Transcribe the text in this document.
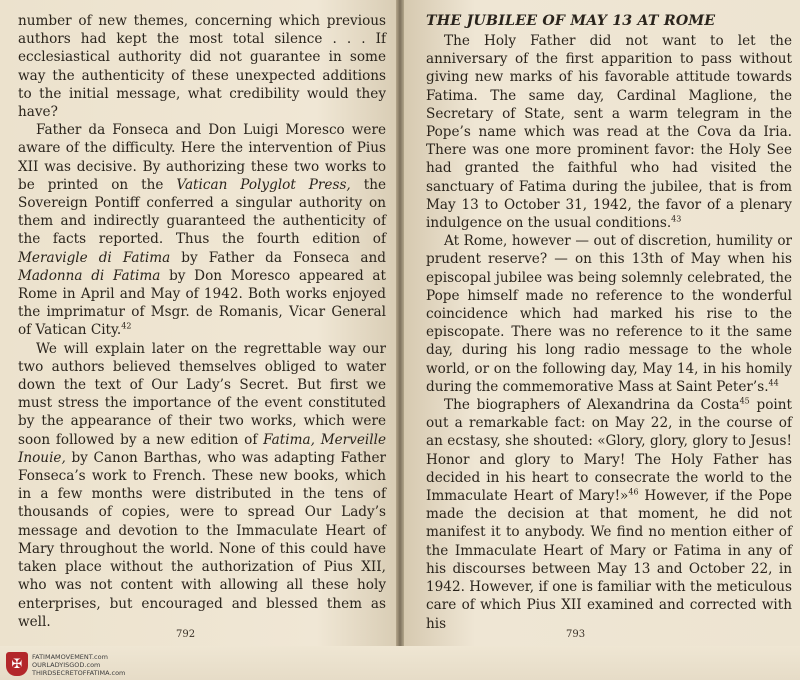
number of new themes, concerning which previous authors had kept the most total silence . . . If ecclesiastical authority did not guarantee in some way the authenticity of these unexpected additions to the initial message, what credibility would they have?

Father da Fonseca and Don Luigi Moresco were aware of the difficulty. Here the intervention of Pius XII was decisive. By authorizing these two works to be printed on the Vatican Polyglot Press, the Sovereign Pontiff conferred a singular authority on them and indirectly guaranteed the authenticity of the facts reported. Thus the fourth edition of Meravigle di Fatima by Father da Fonseca and Madonna di Fatima by Don Moresco appeared at Rome in April and May of 1942. Both works enjoyed the imprimatur of Msgr. de Romanis, Vicar General of Vatican City.$^{42}$

We will explain later on the regrettable way our two authors believed themselves obliged to water down the text of Our Lady’s Secret. But first we must stress the importance of the event constituted by the appearance of their two works, which were soon followed by a new edition of Fatima, Merveille Inouie, by Canon Barthas, who was adapting Father Fonseca’s work to French. These new books, which in a few months were distributed in the tens of thousands of copies, were to spread Our Lady’s message and devotion to the Immaculate Heart of Mary throughout the world. None of this could have taken place without the authorization of Pius XII, who was not content with allowing all these holy enterprises, but encouraged and blessed them as well.

792
THE JUBILEE OF MAY 13 AT ROME

The Holy Father did not want to let the anniversary of the first apparition to pass without giving new marks of his favorable attitude towards Fatima. The same day, Cardinal Maglione, the Secretary of State, sent a warm telegram in the Pope’s name which was read at the Cova da Iria. There was one more prominent favor: the Holy See had granted the faithful who had visited the sanctuary of Fatima during the jubilee, that is from May 13 to October 31, 1942, the favor of a plenary indulgence on the usual conditions.$^{43}$

At Rome, however — out of discretion, humility or prudent reserve? — on this 13th of May when his episcopal jubilee was being solemnly celebrated, the Pope himself made no reference to the wonderful coincidence which had marked his rise to the episcopate. There was no reference to it the same day, during his long radio message to the whole world, or on the following day, May 14, in his homily during the commemorative Mass at Saint Peter’s.$^{44}$

The biographers of Alexandrina da Costa$^{45}$ point out a remarkable fact: on May 22, in the course of an ecstasy, she shouted: «Glory, glory, glory to Jesus! Honor and glory to Mary! The Holy Father has decided in his heart to consecrate the world to the Immaculate Heart of Mary!»$^{46}$ However, if the Pope made the decision at that moment, he did not manifest it to anybody. We find no mention either of the Immaculate Heart of Mary or Fatima in any of his discourses between May 13 and October 22, in 1942. However, if one is familiar with the meticulous care of which Pius XII examined and corrected with his

793
✠	FATIMAMOVEMENT.com
OURLADYISGOD.com
THIRDSECRETOFFATIMA.com
